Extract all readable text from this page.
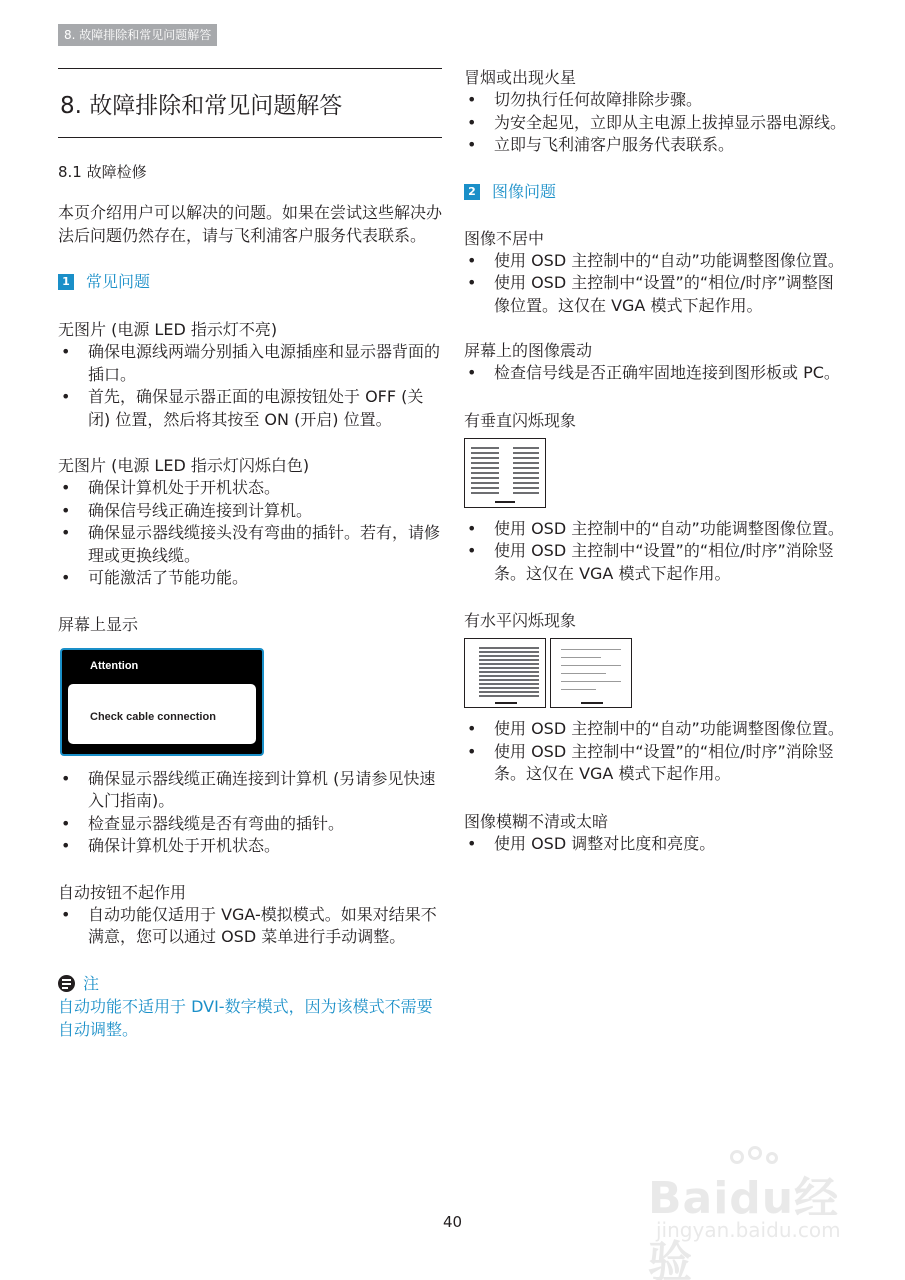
8. 故障排除和常见问题解答
8. 故障排除和常见问题解答
8.1 故障检修
本页介绍用户可以解决的问题。如果在尝试这些解决办法后问题仍然存在，请与飞利浦客户服务代表联系。
1 常见问题
无图片 (电源 LED 指示灯不亮)
• 确保电源线两端分别插入电源插座和显示器背面的插口。
• 首先，确保显示器正面的电源按钮处于 OFF (关闭) 位置，然后将其按至 ON (开启) 位置。
无图片 (电源 LED 指示灯闪烁白色)
• 确保计算机处于开机状态。
• 确保信号线正确连接到计算机。
• 确保显示器线缆接头没有弯曲的插针。若有，请修理或更换线缆。
• 可能激活了节能功能。
屏幕上显示
Attention
Check cable connection
• 确保显示器线缆正确连接到计算机 (另请参见快速入门指南)。
• 检查显示器线缆是否有弯曲的插针。
• 确保计算机处于开机状态。
自动按钮不起作用
• 自动功能仅适用于 VGA-模拟模式。如果对结果不满意，您可以通过 OSD 菜单进行手动调整。
注
自动功能不适用于 DVI-数字模式，因为该模式不需要自动调整。
冒烟或出现火星
• 切勿执行任何故障排除步骤。
• 为安全起见，立即从主电源上拔掉显示器电源线。
• 立即与飞利浦客户服务代表联系。
2 图像问题
图像不居中
• 使用 OSD 主控制中的“自动”功能调整图像位置。
• 使用 OSD 主控制中“设置”的“相位/时序”调整图像位置。这仅在 VGA 模式下起作用。
屏幕上的图像震动
• 检查信号线是否正确牢固地连接到图形板或 PC。
有垂直闪烁现象
• 使用 OSD 主控制中的“自动”功能调整图像位置。
• 使用 OSD 主控制中“设置”的“相位/时序”消除竖条。这仅在 VGA 模式下起作用。
有水平闪烁现象
• 使用 OSD 主控制中的“自动”功能调整图像位置。
• 使用 OSD 主控制中“设置”的“相位/时序”消除竖条。这仅在 VGA 模式下起作用。
图像模糊不清或太暗
• 使用 OSD 调整对比度和亮度。
40	Baidu经验
jingyan.baidu.com
